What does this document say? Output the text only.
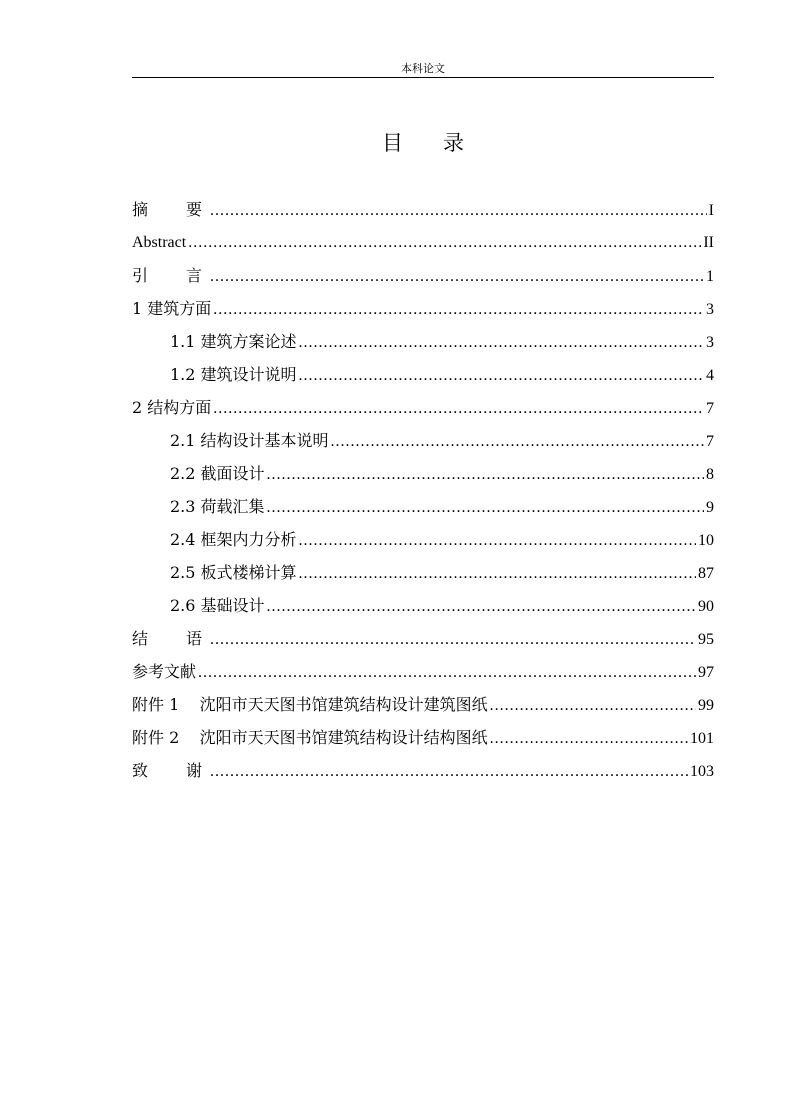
本科论文
目 录
摘 要 .....	I
Abstract .....	II
引 言 .....	1
1 建筑方面 .....	3
1.1 建筑方案论述 .....	3
1.2 建筑设计说明 .....	4
2 结构方面 .....	7
2.1 结构设计基本说明 .....	7
2.2 截面设计 .....	8
2.3 荷载汇集 .....	9
2.4 框架内力分析 .....	10
2.5 板式楼梯计算 .....	87
2.6 基础设计 .....	90
结 语 .....	95
参考文献 .....	97
附件 1    沈阳市天天图书馆建筑结构设计建筑图纸 .....	99
附件 2    沈阳市天天图书馆建筑结构设计结构图纸 .....	101
致 谢 .....	103
